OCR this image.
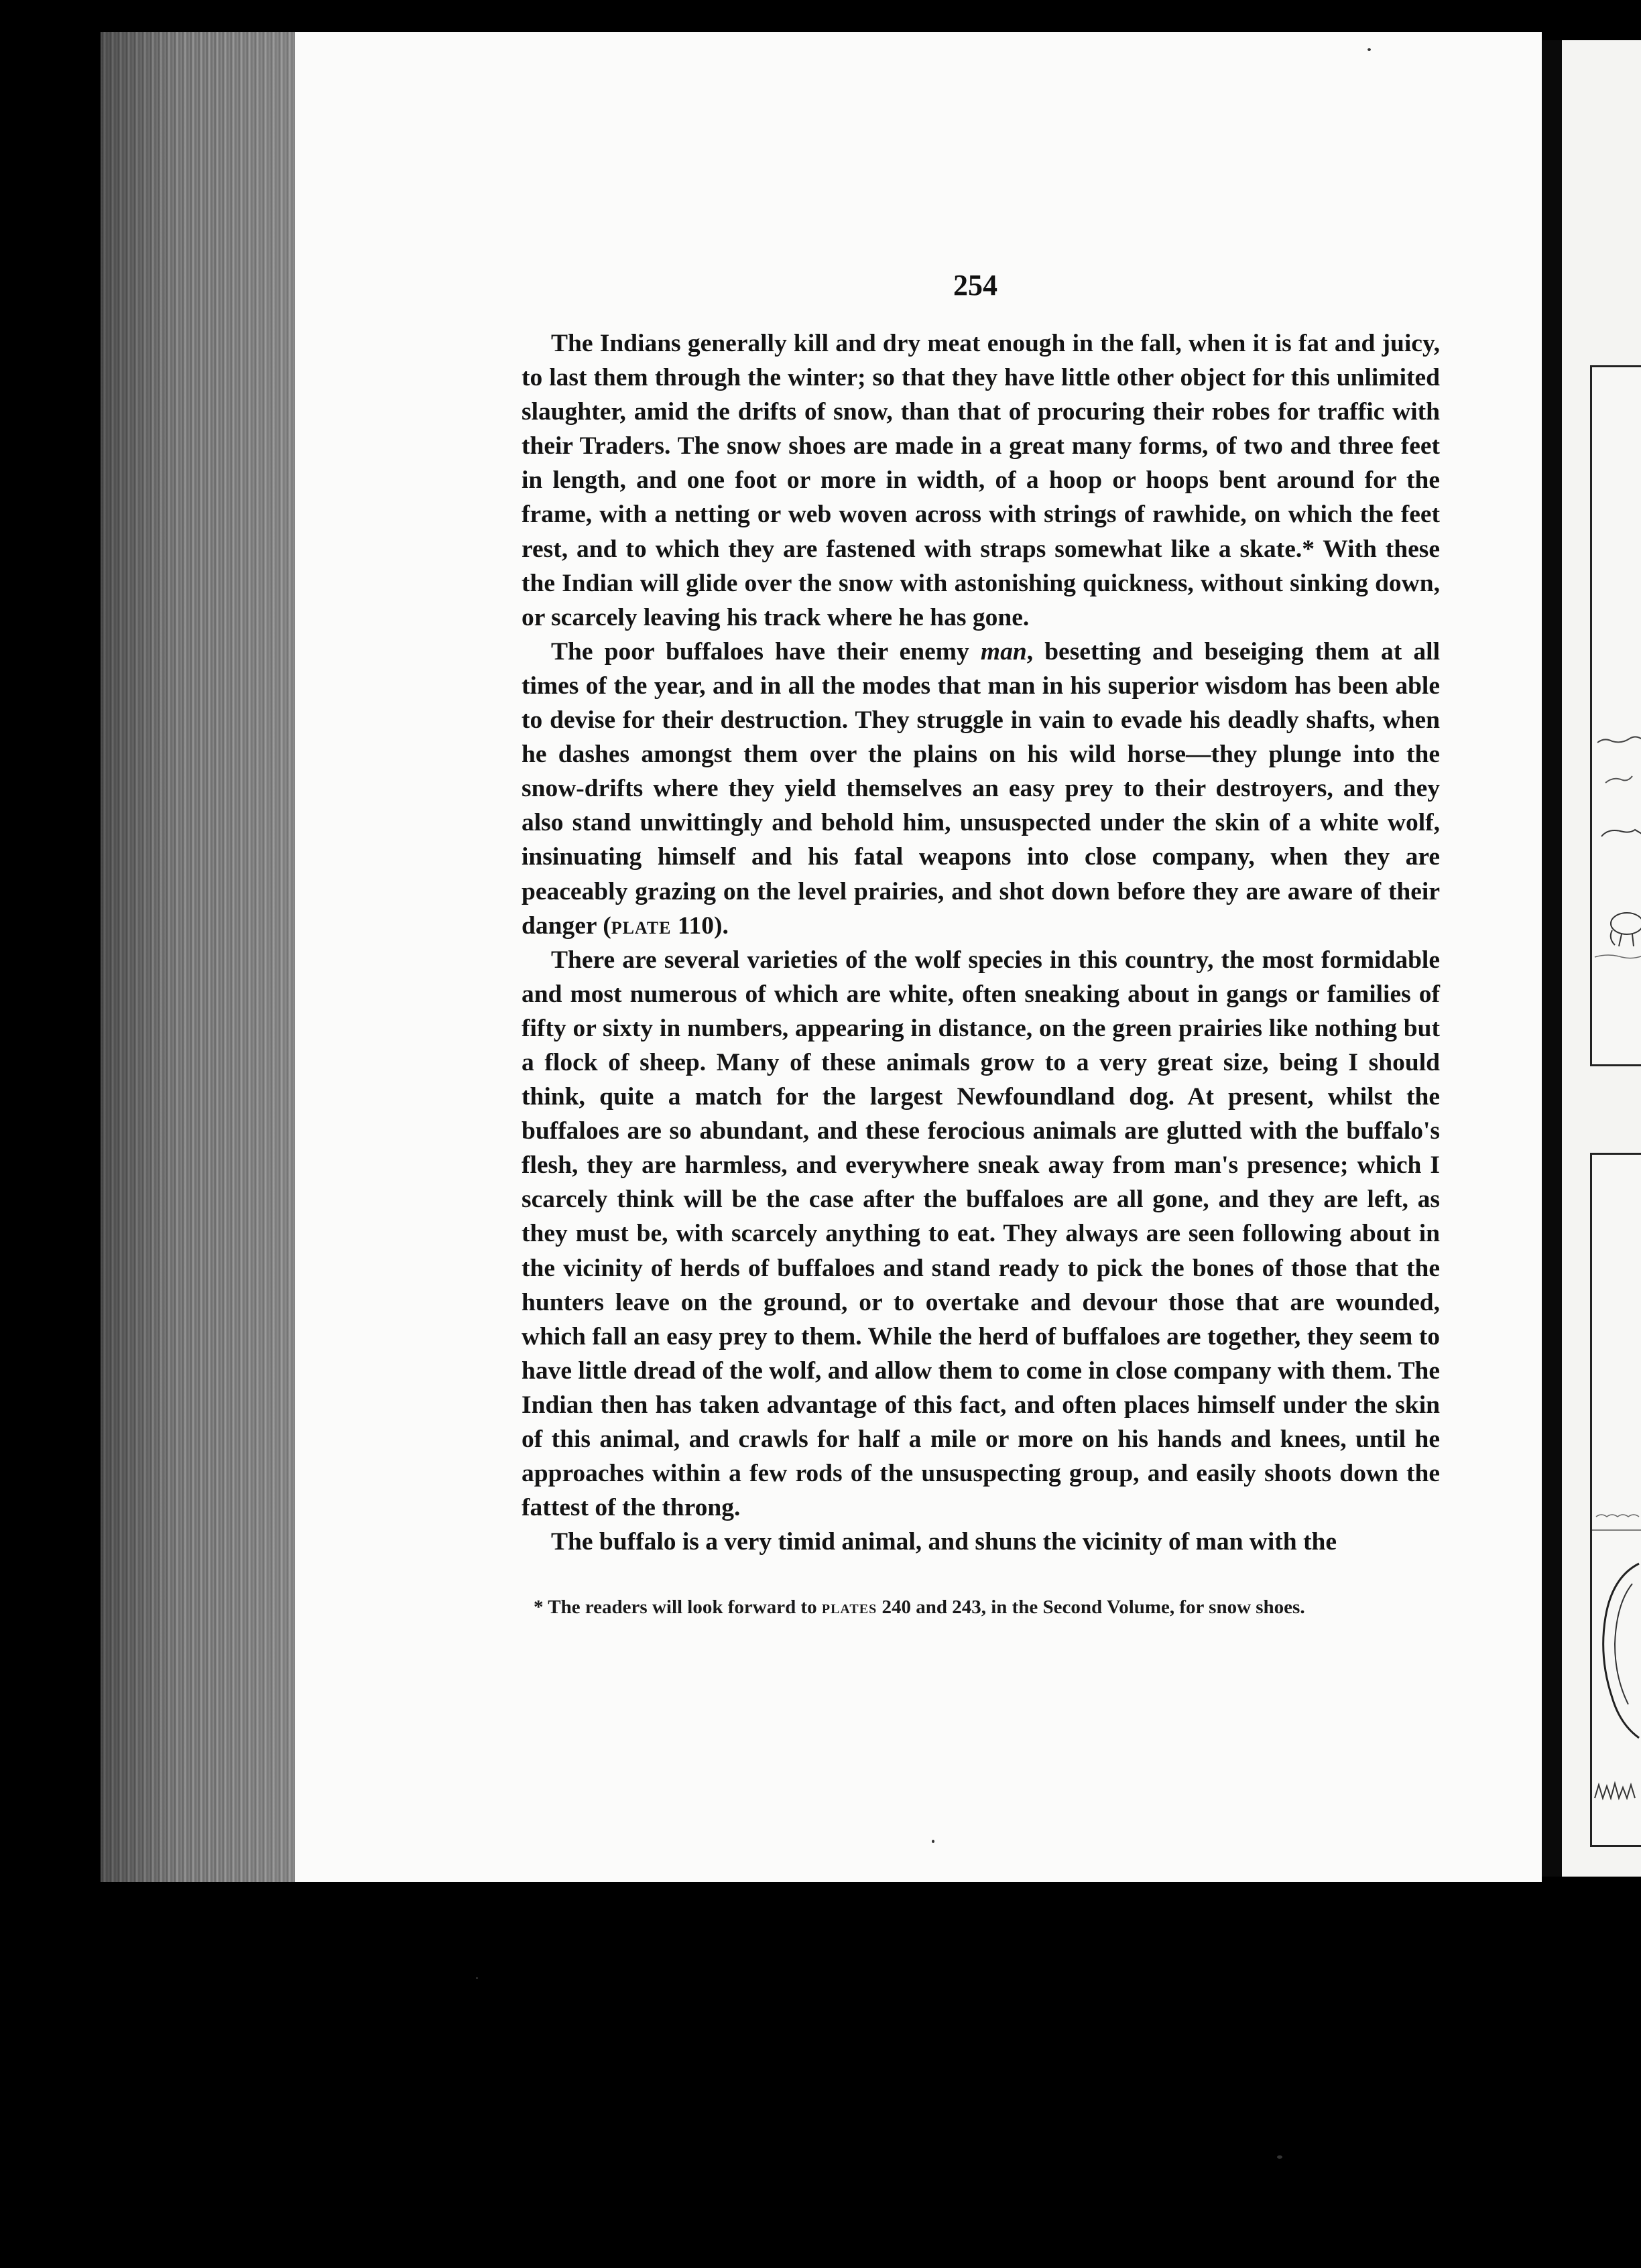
254

The Indians generally kill and dry meat enough in the fall, when it is fat and juicy, to last them through the winter; so that they have little other object for this unlimited slaughter, amid the drifts of snow, than that of procuring their robes for traffic with their Traders. The snow shoes are made in a great many forms, of two and three feet in length, and one foot or more in width, of a hoop or hoops bent around for the frame, with a netting or web woven across with strings of rawhide, on which the feet rest, and to which they are fastened with straps somewhat like a skate.* With these the Indian will glide over the snow with astonishing quickness, without sinking down, or scarcely leaving his track where he has gone.

The poor buffaloes have their enemy man, besetting and beseiging them at all times of the year, and in all the modes that man in his superior wisdom has been able to devise for their destruction. They struggle in vain to evade his deadly shafts, when he dashes amongst them over the plains on his wild horse—they plunge into the snow-drifts where they yield themselves an easy prey to their destroyers, and they also stand unwittingly and behold him, unsuspected under the skin of a white wolf, insinuating himself and his fatal weapons into close company, when they are peaceably grazing on the level prairies, and shot down before they are aware of their danger (plate 110).

There are several varieties of the wolf species in this country, the most formidable and most numerous of which are white, often sneaking about in gangs or families of fifty or sixty in numbers, appearing in distance, on the green prairies like nothing but a flock of sheep. Many of these animals grow to a very great size, being I should think, quite a match for the largest Newfoundland dog. At present, whilst the buffaloes are so abundant, and these ferocious animals are glutted with the buffalo's flesh, they are harmless, and everywhere sneak away from man's presence; which I scarcely think will be the case after the buffaloes are all gone, and they are left, as they must be, with scarcely anything to eat. They always are seen following about in the vicinity of herds of buffaloes and stand ready to pick the bones of those that the hunters leave on the ground, or to overtake and devour those that are wounded, which fall an easy prey to them. While the herd of buffaloes are together, they seem to have little dread of the wolf, and allow them to come in close company with them. The Indian then has taken advantage of this fact, and often places himself under the skin of this animal, and crawls for half a mile or more on his hands and knees, until he approaches within a few rods of the unsuspecting group, and easily shoots down the fattest of the throng.

The buffalo is a very timid animal, and shuns the vicinity of man with the

* The readers will look forward to plates 240 and 243, in the Second Volume, for snow shoes.
